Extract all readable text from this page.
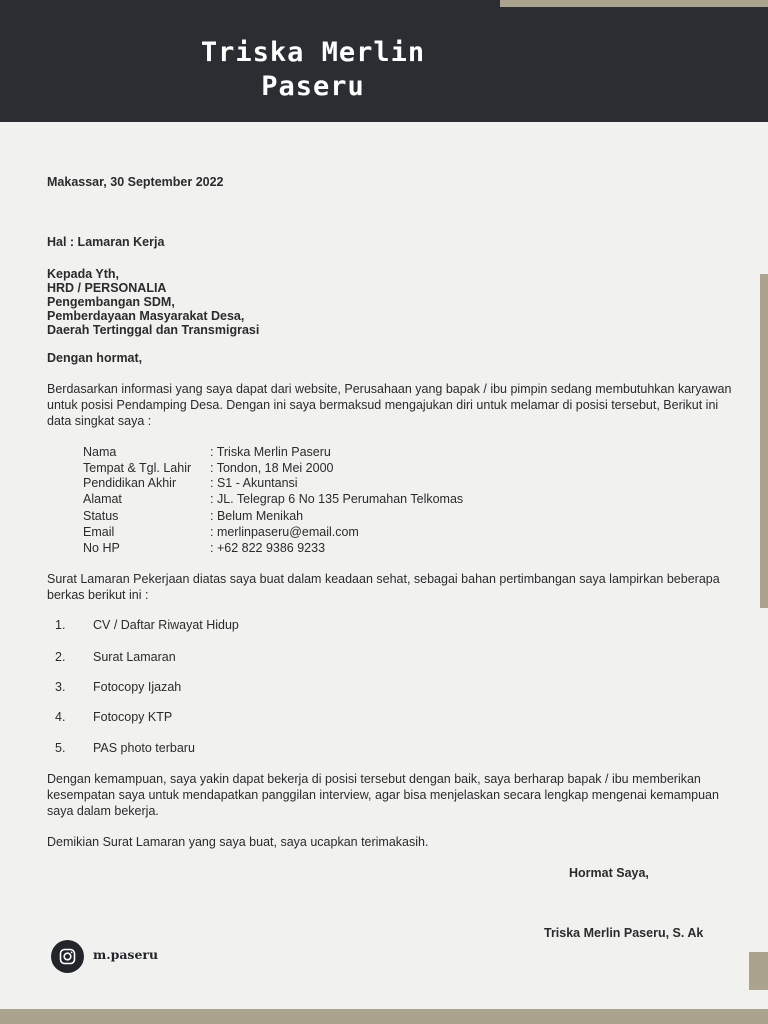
Triska Merlin
Paseru
Makassar, 30 September 2022
Hal : Lamaran Kerja
Kepada Yth,
HRD / PERSONALIA
Pengembangan SDM,
Pemberdayaan Masyarakat Desa,
Daerah Tertinggal dan Transmigrasi
Dengan hormat,
Berdasarkan informasi yang saya dapat dari website, Perusahaan yang bapak / ibu pimpin sedang membutuhkan karyawan untuk posisi Pendamping Desa. Dengan ini saya bermaksud mengajukan diri untuk melamar di posisi tersebut, Berikut ini data singkat saya :
Nama	: Triska Merlin Paseru
Tempat & Tgl. Lahir : Tondon, 18 Mei 2000
Pendidikan Akhir	: S1 - Akuntansi
Alamat	: JL. Telegrap 6 No 135 Perumahan Telkomas
Status	: Belum Menikah
Email	: merlinpaseru@email.com
No HP	: +62 822 9386 9233
Surat Lamaran Pekerjaan diatas saya buat dalam keadaan sehat, sebagai bahan pertimbangan saya lampirkan beberapa berkas berikut ini :
1. CV / Daftar Riwayat Hidup
2. Surat Lamaran
3. Fotocopy Ijazah
4. Fotocopy KTP
5. PAS photo terbaru
Dengan kemampuan, saya yakin dapat bekerja di posisi tersebut dengan baik, saya berharap bapak / ibu memberikan kesempatan saya untuk mendapatkan panggilan interview, agar bisa menjelaskan secara lengkap mengenai kemampuan saya dalam bekerja.
Demikian Surat Lamaran yang saya buat, saya ucapkan terimakasih.
Hormat Saya,
Triska Merlin Paseru, S. Ak
m.paseru
